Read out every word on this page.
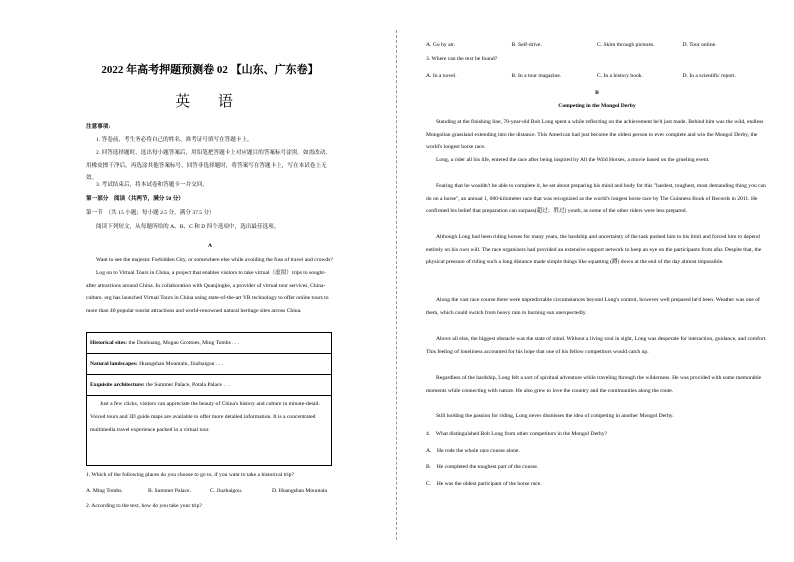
2022 年高考押题预测卷 02 【山东、广东卷】
英 语
注意事项:
1. 答卷前，考生务必将自己的姓名、准考证号填写在答题卡上。
2. 回答选择题时，选出每小题答案后，用铅笔把答题卡上对应题目的答案标号涂黑。如需改动，用橡皮擦干净后，再选涂其他答案标号。回答非选择题时，将答案写在答题卡上，写在本试卷上无效。
3. 考试结束后，将本试卷和答题卡一并交回。
第一部分　阅读（共两节，满分 50 分）
第一节　（共 15 小题；每小题 2.5 分，满分 37.5 分）
阅读下列短文，从每题所给的 A、B、C 和 D 四个选项中，选出最佳选项。
A
Want to see the majestic Forbidden City, or somewhere else while avoiding the fuss of travel and crowds?
Log on to Virtual Tours in China, a project that enables visitors to take virtual（虚拟）trips to sought-after attractions around China. In collaboration with Quanjingke, a provider of virtual tour services, China-culture. org has launched Virtual Tours in China using state-of-the-art VR technology to offer online tours to more than 40 popular tourist attractions and world-renowned natural heritage sites across China.
Historical sites: the Dunhuang, Mogao Grottoes, Ming Tombs . . .
Natural landscapes: Huangshan Mountain, Jiuzhaigou . . .
Exquisite architecture: the Summer Palace, Potala Palace . . .
Just a few clicks, visitors can appreciate the beauty of China's history and culture in minute-detail. Voiced tours and 3D guide maps are available to offer more detailed information. It is a concentrated multimedia travel experience packed in a virtual tour.
1. Which of the following places do you choose to go to, if you want to take a historical trip?
A. Ming Tombs.	B. Summer Palace.	C. Jiuzhaigou.	D. Huangshan Mountain
2. According to the text, how do you take your trip?
A. Go by air.	B. Self-drive.	C. Skim through pictures.	D. Tour online.
3. Where can the text be found?
A. In a novel.	B. In a tour magazine.	C. In a history book.	D. In a scientific report.
B
Competing in the Mongol Derby
Standing at the finishing line, 70-year-old Bob Long spent a while reflecting on the achievement he'd just made. Behind him was the wild, endless Mongolian grassland extending into the distance. This American had just become the oldest person to ever complete and win the Mongol Derby, the world's longest horse race.
Long, a rider all his life, entered the race after being inspired by All the Wild Horses, a movie based on the grueling event.
Fearing that he wouldn't be able to complete it, he set about preparing his mind and body for this "hardest, toughest, most demanding thing you can do on a horse", an annual 1, 000-kilometer race that was recognized as the world's longest horse race by The Guinness Book of Records in 2011. He confirmed his belief that preparation can surpass(超过；胜过) youth, as some of the other riders were less prepared.
Although Long had been riding horses for many years, the hardship and uncertainty of the task pushed him to his limit and forced him to depend entirely on his own will. The race organizers had provided an extensive support network to keep an eye on the participants from afar. Despite that, the physical pressure of riding such a long distance made simple things like squatting (蹲) down at the end of the day almost impossible.
Along the vast race course there were unpredictable circumstances beyond Long's control, however well prepared he'd been. Weather was one of them, which could switch from heavy rain to burning sun unexpectedly.
Above all else, the biggest obstacle was the state of mind. Without a living soul in sight, Long was desperate for interaction, guidance, and comfort. This feeling of loneliness accounted for his hope that one of his fellow competitors would catch up.
Regardless of the hardship, Long felt a sort of spiritual adventure while traveling through the wilderness. He was provided with some memorable moments while connecting with nature. He also grew to love the country and the communities along the route.
Still holding the passion for riding, Long never dismisses the idea of competing in another Mongol Derby.
4.　What distinguished Bob Long from other competitors in the Mongol Derby?
A.　He rode the whole race course alone.
B.　He completed the toughest part of the course.
C.　He was the oldest participant of the horse race.
